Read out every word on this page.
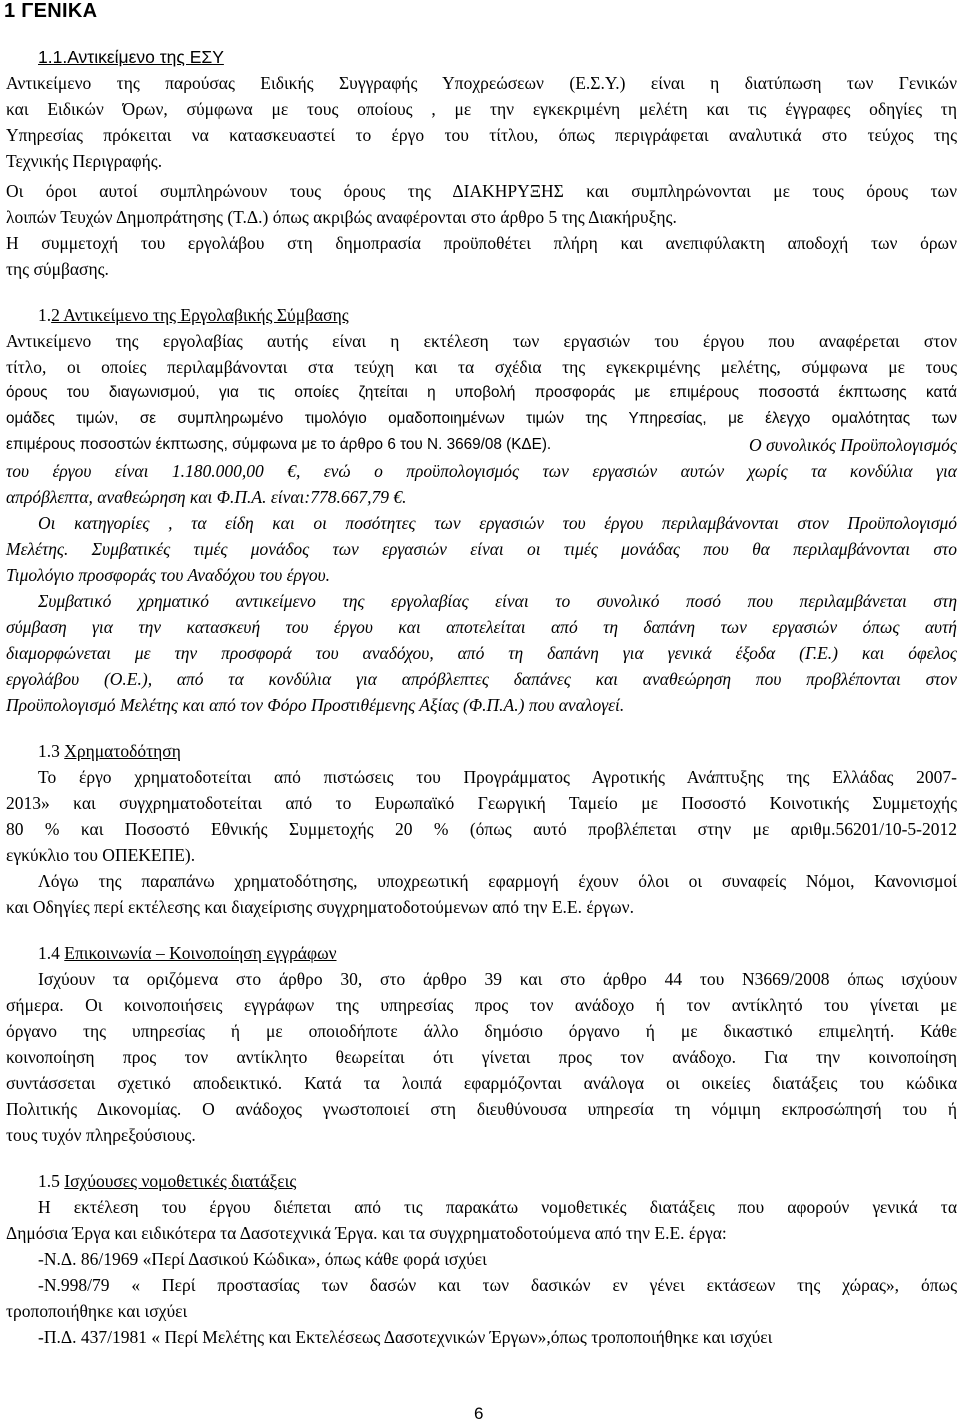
1 ΓΕΝΙΚΑ
1.1.Αντικείμενο της ΕΣΥ
Αντικείμενο της παρούσας Ειδικής Συγγραφής Υποχρεώσεων (Ε.Σ.Υ.) είναι η διατύπωση των Γενικών
και Ειδικών Όρων, σύμφωνα με τους οποίους , με την εγκεκριμένη μελέτη και τις έγγραφες οδηγίες τη
Υπηρεσίας πρόκειται να κατασκευαστεί το έργο του τίτλου, όπως περιγράφεται αναλυτικά στο τεύχος της
Τεχνικής Περιγραφής.
Οι όροι αυτοί συμπληρώνουν τους όρους της ΔΙΑΚΗΡΥΞΗΣ και συμπληρώνονται με τους όρους των
λοιπών Τευχών Δημοπράτησης (Τ.Δ.) όπως ακριβώς αναφέρονται στο άρθρο 5 της Διακήρυξης.
Η συμμετοχή του εργολάβου στη δημοπρασία προϋποθέτει πλήρη και ανεπιφύλακτη αποδοχή των όρων
της σύμβασης.
1.2 Αντικείμενο της Εργολαβικής Σύμβασης
Αντικείμενο της εργολαβίας αυτής είναι η εκτέλεση των εργασιών του έργου που αναφέρεται στον
τίτλο, οι οποίες περιλαμβάνονται στα τεύχη και τα σχέδια της εγκεκριμένης μελέτης, σύμφωνα με τους
όρους του διαγωνισμού, για τις οποίες ζητείται η υποβολή προσφοράς με επιμέρους ποσοστά έκπτωσης κατά
ομάδες τιμών, σε συμπληρωμένο τιμολόγιο ομαδοποιημένων τιμών της Υπηρεσίας, με έλεγχο ομαλότητας των
επιμέρους ποσοστών έκπτωσης, σύμφωνα με το άρθρο 6 του Ν. 3669/08 (ΚΔΕ).	Ο συνολικός Προϋπολογισμός
του έργου είναι 1.180.000,00 €, ενώ ο προϋπολογισμός των εργασιών αυτών χωρίς τα κονδύλια για
απρόβλεπτα, αναθεώρηση και Φ.Π.Α. είναι:778.667,79 €.
Οι κατηγορίες , τα είδη και οι ποσότητες των εργασιών του έργου περιλαμβάνονται στον Προϋπολογισμό
Μελέτης. Συμβατικές τιμές μονάδος των εργασιών είναι οι τιμές μονάδας που θα περιλαμβάνονται στο
Τιμολόγιο προσφοράς του Αναδόχου του έργου.
Συμβατικό χρηματικό αντικείμενο της εργολαβίας είναι το συνολικό ποσό που περιλαμβάνεται στη
σύμβαση για την κατασκευή του έργου και αποτελείται από τη δαπάνη των εργασιών όπως αυτή
διαμορφώνεται με την προσφορά του αναδόχου, από τη δαπάνη για γενικά έξοδα (Γ.Ε.) και όφελος
εργολάβου (Ο.Ε.), από τα κονδύλια για απρόβλεπτες δαπάνες και αναθεώρηση που προβλέπονται στον
Προϋπολογισμό Μελέτης και από τον Φόρο Προστιθέμενης Αξίας (Φ.Π.Α.) που αναλογεί.
1.3 Χρηματοδότηση
Το έργο χρηματοδοτείται από πιστώσεις του Προγράμματος Αγροτικής Ανάπτυξης της Ελλάδας 2007-
2013» και συγχρηματοδοτείται από το Ευρωπαϊκό Γεωργική Ταμείο με Ποσοστό Κοινοτικής Συμμετοχής
80 % και Ποσοστό Εθνικής Συμμετοχής 20 % (όπως αυτό προβλέπεται στην με αριθμ.56201/10-5-2012
εγκύκλιο του ΟΠΕΚΕΠΕ).
Λόγω της παραπάνω χρηματοδότησης, υποχρεωτική εφαρμογή έχουν όλοι οι συναφείς Νόμοι, Κανονισμοί
και Οδηγίες περί εκτέλεσης και διαχείρισης συγχρηματοδοτούμενων από την Ε.Ε. έργων.
1.4 Επικοινωνία – Κοινοποίηση εγγράφων
Ισχύουν τα οριζόμενα στο άρθρο 30, στο άρθρο 39 και στο άρθρο 44 του Ν3669/2008 όπως ισχύουν
σήμερα. Οι κοινοποιήσεις εγγράφων της υπηρεσίας προς τον ανάδοχο ή τον αντίκλητό του γίνεται με
όργανο της υπηρεσίας ή με οποιοδήποτε άλλο δημόσιο όργανο ή με δικαστικό επιμελητή. Κάθε
κοινοποίηση προς τον αντίκλητο θεωρείται ότι γίνεται προς τον ανάδοχο. Για την κοινοποίηση
συντάσσεται σχετικό αποδεικτικό. Κατά τα λοιπά εφαρμόζονται ανάλογα οι οικείες διατάξεις του κώδικα
Πολιτικής Δικονομίας. Ο ανάδοχος γνωστοποιεί στη διευθύνουσα υπηρεσία τη νόμιμη εκπροσώπησή του ή
τους τυχόν πληρεξούσιους.
1.5 Ισχύουσες νομοθετικές διατάξεις
Η εκτέλεση του έργου διέπεται από τις παρακάτω νομοθετικές διατάξεις που αφορούν γενικά τα
Δημόσια Έργα και ειδικότερα τα Δασοτεχνικά Έργα. και τα συγχρηματοδοτούμενα από την Ε.Ε. έργα:
-Ν.Δ. 86/1969 «Περί Δασικού Κώδικα», όπως κάθε φορά ισχύει
-Ν.998/79 « Περί προστασίας των δασών και των δασικών εν γένει εκτάσεων της χώρας», όπως
τροποποιήθηκε και ισχύει
-Π.Δ. 437/1981 « Περί Μελέτης και Εκτελέσεως Δασοτεχνικών Έργων»,όπως τροποποιήθηκε και ισχύει
6
